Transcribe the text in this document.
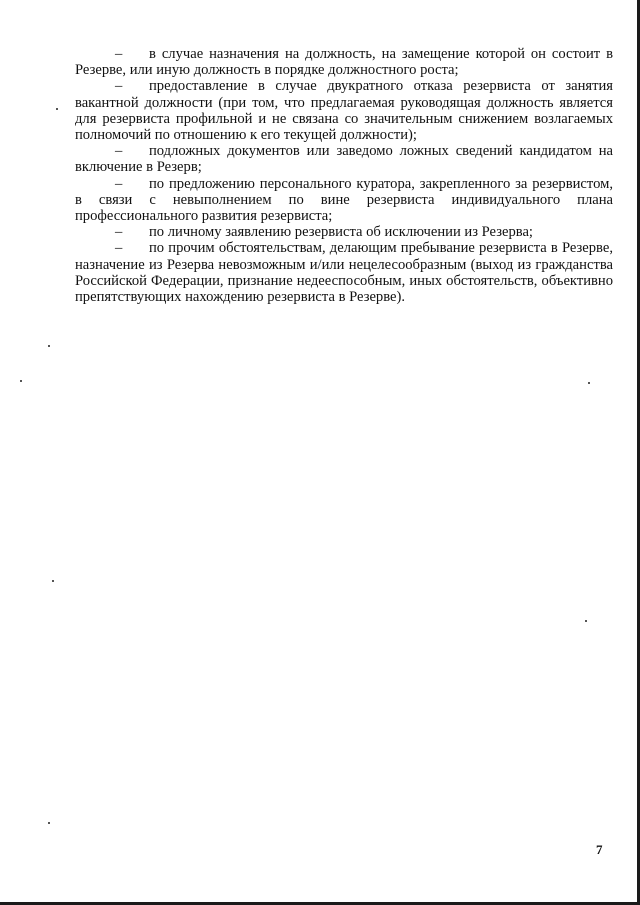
– в случае назначения на должность, на замещение которой он состоит в Резерве, или иную должность в порядке должностного роста;

– предоставление в случае двукратного отказа резервиста от занятия вакантной должности (при том, что предлагаемая руководящая должность является для резервиста профильной и не связана со значительным снижением возлагаемых полномочий по отношению к его текущей должности);

– подложных документов или заведомо ложных сведений кандидатом на включение в Резерв;

– по предложению персонального куратора, закрепленного за резервистом, в связи с невыполнением по вине резервиста индивидуального плана профессионального развития резервиста;

– по личному заявлению резервиста об исключении из Резерва;

– по прочим обстоятельствам, делающим пребывание резервиста в Резерве, назначение из Резерва невозможным и/или нецелесообразным (выход из гражданства Российской Федерации, признание недееспособным, иных обстоятельств, объективно препятствующих нахождению резервиста в Резерве).

7
